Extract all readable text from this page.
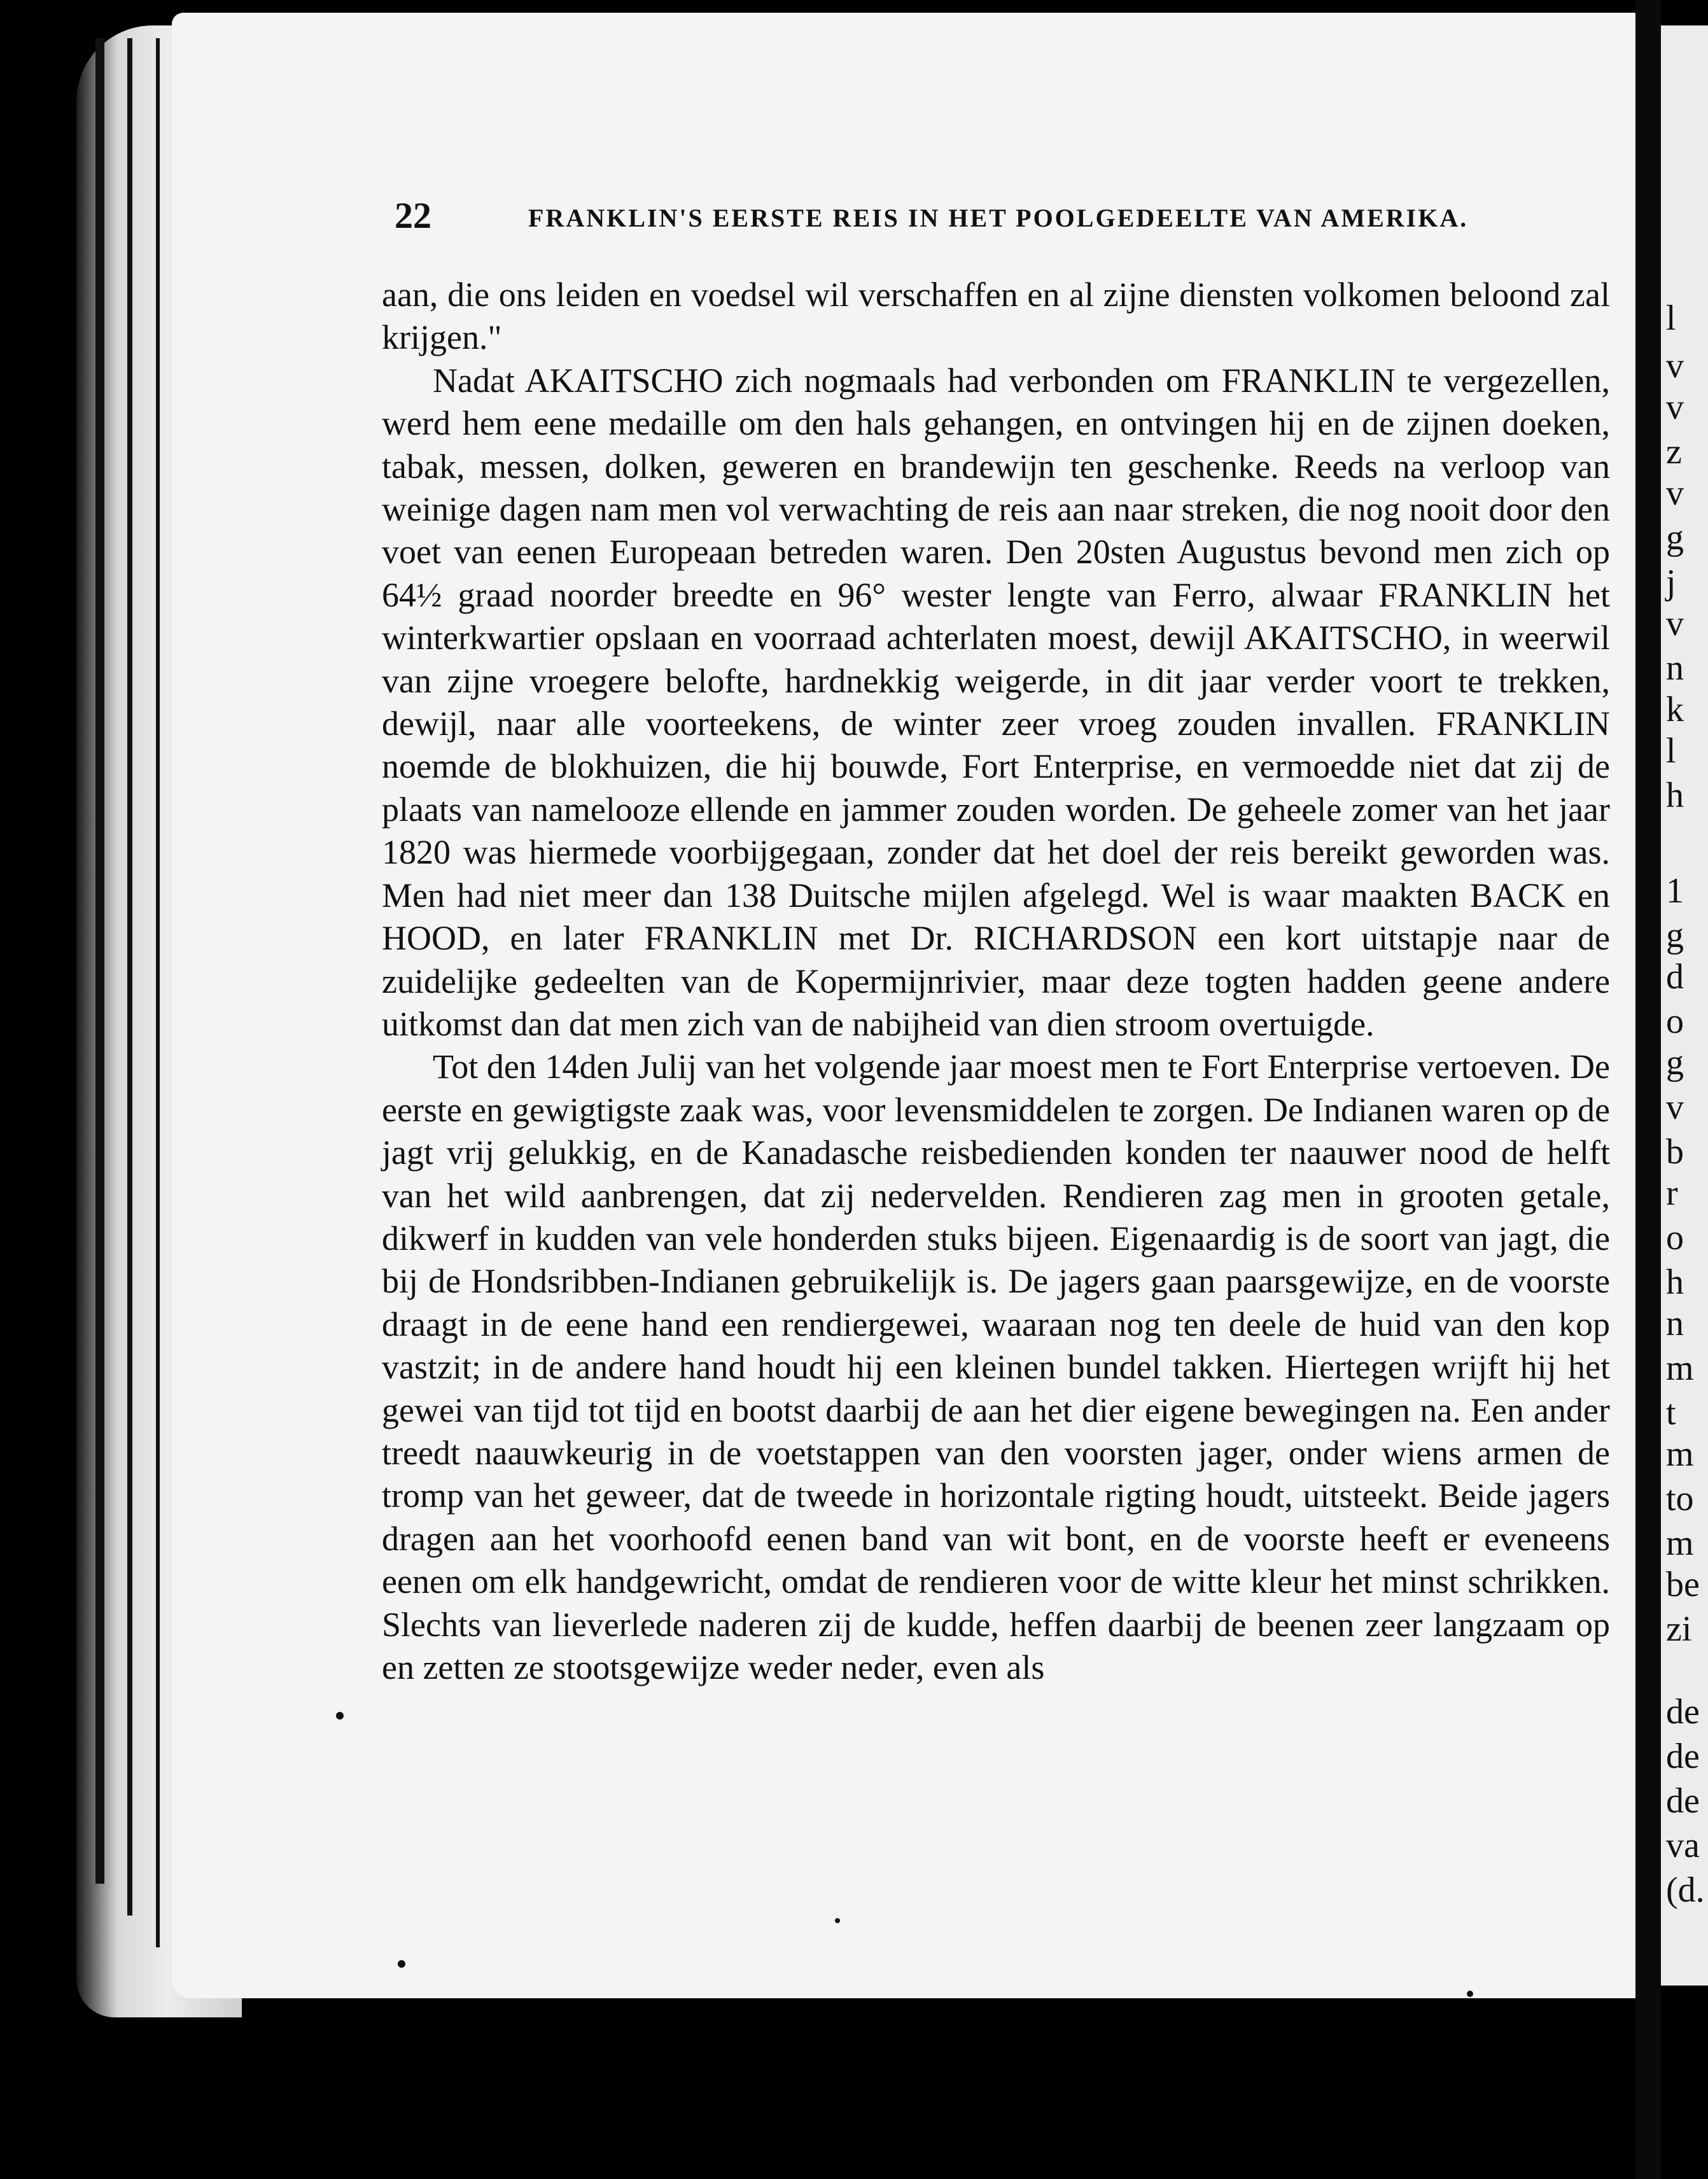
22	FRANKLIN'S EERSTE REIS IN HET POOLGEDEELTE VAN AMERIKA.

aan, die ons leiden en voedsel wil verschaffen en al zijne diensten volkomen beloond zal krijgen."

Nadat AKAITSCHO zich nogmaals had verbonden om FRANKLIN te vergezellen, werd hem eene medaille om den hals gehangen, en ontvingen hij en de zijnen doeken, tabak, messen, dolken, geweren en brandewijn ten geschenke. Reeds na verloop van weinige dagen nam men vol verwachting de reis aan naar streken, die nog nooit door den voet van eenen Europeaan betreden waren. Den 20sten Augustus bevond men zich op 64½ graad noorder breedte en 96° wester lengte van Ferro, alwaar FRANKLIN het winterkwartier opslaan en voorraad achterlaten moest, dewijl AKAITSCHO, in weerwil van zijne vroegere belofte, hardnekkig weigerde, in dit jaar verder voort te trekken, dewijl, naar alle voorteekens, de winter zeer vroeg zouden invallen. FRANKLIN noemde de blokhuizen, die hij bouwde, Fort Enterprise, en vermoedde niet dat zij de plaats van namelooze ellende en jammer zouden worden. De geheele zomer van het jaar 1820 was hiermede voorbijgegaan, zonder dat het doel der reis bereikt geworden was. Men had niet meer dan 138 Duitsche mijlen afgelegd. Wel is waar maakten BACK en HOOD, en later FRANKLIN met Dr. RICHARDSON een kort uitstapje naar de zuidelijke gedeelten van de Kopermijnrivier, maar deze togten hadden geene andere uitkomst dan dat men zich van de nabijheid van dien stroom overtuigde.

Tot den 14den Julij van het volgende jaar moest men te Fort Enterprise vertoeven. De eerste en gewigtigste zaak was, voor levensmiddelen te zorgen. De Indianen waren op de jagt vrij gelukkig, en de Kanadasche reisbedienden konden ter naauwer nood de helft van het wild aanbrengen, dat zij nedervelden. Rendieren zag men in grooten getale, dikwerf in kudden van vele honderden stuks bijeen. Eigenaardig is de soort van jagt, die bij de Hondsribben-Indianen gebruikelijk is. De jagers gaan paarsgewijze, en de voorste draagt in de eene hand een rendiergewei, waaraan nog ten deele de huid van den kop vastzit; in de andere hand houdt hij een kleinen bundel takken. Hiertegen wrijft hij het gewei van tijd tot tijd en bootst daarbij de aan het dier eigene bewegingen na. Een ander treedt naauwkeurig in de voetstappen van den voorsten jager, onder wiens armen de tromp van het geweer, dat de tweede in horizontale rigting houdt, uitsteekt. Beide jagers dragen aan het voorhoofd eenen band van wit bont, en de voorste heeft er eveneens eenen om elk handgewricht, omdat de rendieren voor de witte kleur het minst schrikken. Slechts van lieverlede naderen zij de kudde, heffen daarbij de beenen zeer langzaam op en zetten ze stootsgewijze weder neder, even als

l
v
v
z
v
g
j
v
n
k
l
h
1
g
d
o
g
v
b
r
o
h
n
m
t
m
to
m
be
zi
de
de
de
va
(d.
